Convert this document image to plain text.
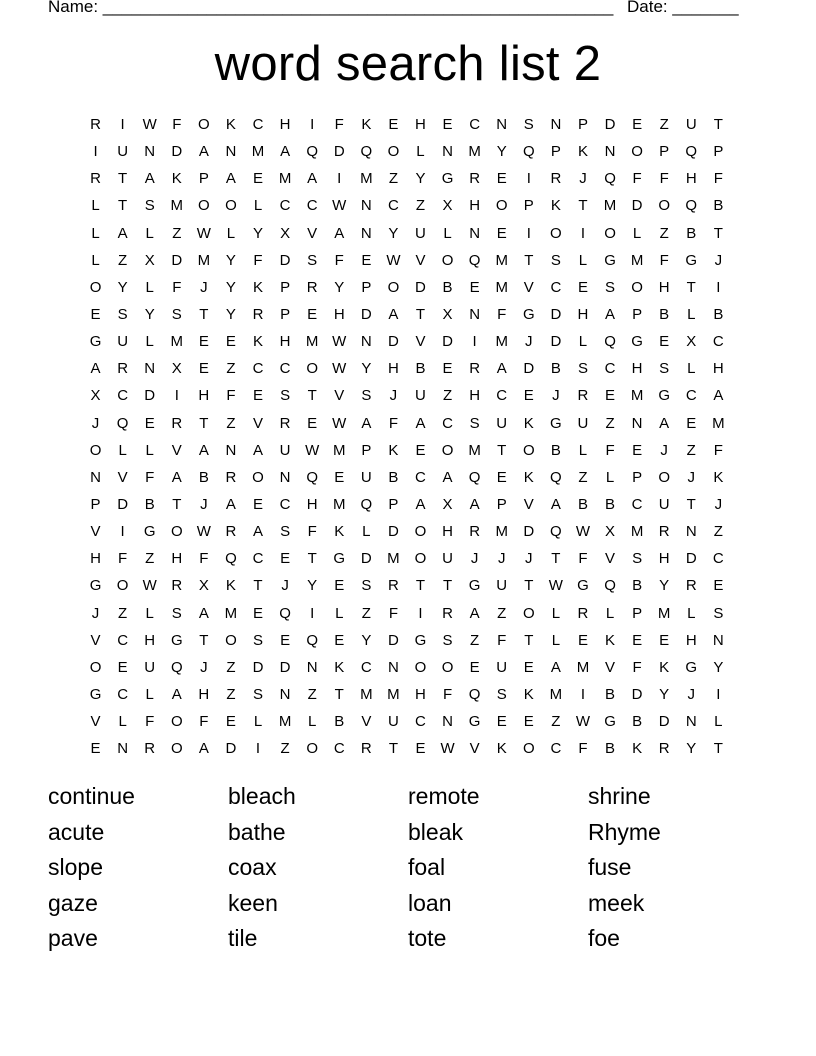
Name: ______________________________________________________ Date: _______
word search list 2
R	I	W	F	O	K	C	H	I	F	K	E	H	E	C	N	S	N	P	D	E	Z	U	T
I	U	N	D	A	N	M	A	Q	D	Q	O	L	N	M	Y	Q	P	K	N	O	P	Q	P
R	T	A	K	P	A	E	M	A	I	M	Z	Y	G	R	E	I	R	J	Q	F	F	H	F
L	T	S	M	O	O	L	C	C W N	C	Z	X	H	O	P	K	T	M	D	O	Q	B
L	A	L	Z	W	L	Y	X	V	A	N	Y	U	L	N	E	I	O	I	O	L	Z	B	T
L	Z	X	D	M	Y	F	D	S	F	E W V	O	Q M	T	S	L	G M	F	G	J
O	Y	L	F	J	Y	K	P	R	Y	P	O	D	B	E	M	V	C	E	S	O	H	T	I
E	S	Y	S	T	Y	R	P	E	H	D	A	T	X	N	F	G	D	H	A	P	B	L	B
G	U	L	M	E	E	K	H	M W N	D	V	D	I	M	J	D	L	Q	G	E	X	C
A	R	N	X	E	Z	C	C	O W Y	H	B	E	R	A	D	B	S	C	H	S	L	H
X	C	D	I	H	F	E	S	T	V	S	J	U	Z	H	C	E	J	R	E	M	G	C	A
J	Q	E	R	T	Z	V	R	E W A	F	A	C	S	U	K	G	U	Z	N	A	E	M
O	L	L	V	A	N	A	U W M	P	K	E	O M	T	O	B	L	F	E	J	Z	F
N	V	F	A	B	R	O	N	Q	E	U	B	C	A	Q	E	K	Q	Z	L	P	O	J	K
P	D	B	T	J	A	E	C	H	M	Q	P	A	X	A	P	V	A	B	B	C	U	T	J
V	I	G	O W R	A	S	F	K	L	D	O	H	R	M	D	Q W X	M	R	N	Z
H	F	Z	H	F	Q	C	E	T	G	D	M	O	U	J	J	J	T	F	V	S	H	D	C
G	O W R	X	K	T	J	Y	E	S	R	T	T	G	U	T	W G	Q	B	Y	R	E
J	Z	L	S	A	M	E	Q	I	L	Z	F	I	R	A	Z	O	L	R	L	P	M	L	S
V	C	H	G	T	O	S	E	Q	E	Y	D	G	S	Z	F	T	L	E	K	E	E	H	N
O	E	U	Q	J	Z	D	D	N	K	C	N	O	O	E	U	E	A	M	V	F	K	G	Y
G	C	L	A	H	Z	S	N	Z	T	M M	H	F	Q	S	K	M	I	B	D	Y	J	I
V	L	F	O	F	E	L	M	L	B	V	U	C	N	G	E	E	Z	W G	B	D	N	L
E	N	R	O	A	D	I	Z	O	C	R	T	E W V	K	O	C	F	B	K	R	Y	T
continue	bleach	remote	shrine
acute	bathe	bleak	Rhyme
slope	coax	foal	fuse
gaze	keen	loan	meek
pave	tile	tote	foe
